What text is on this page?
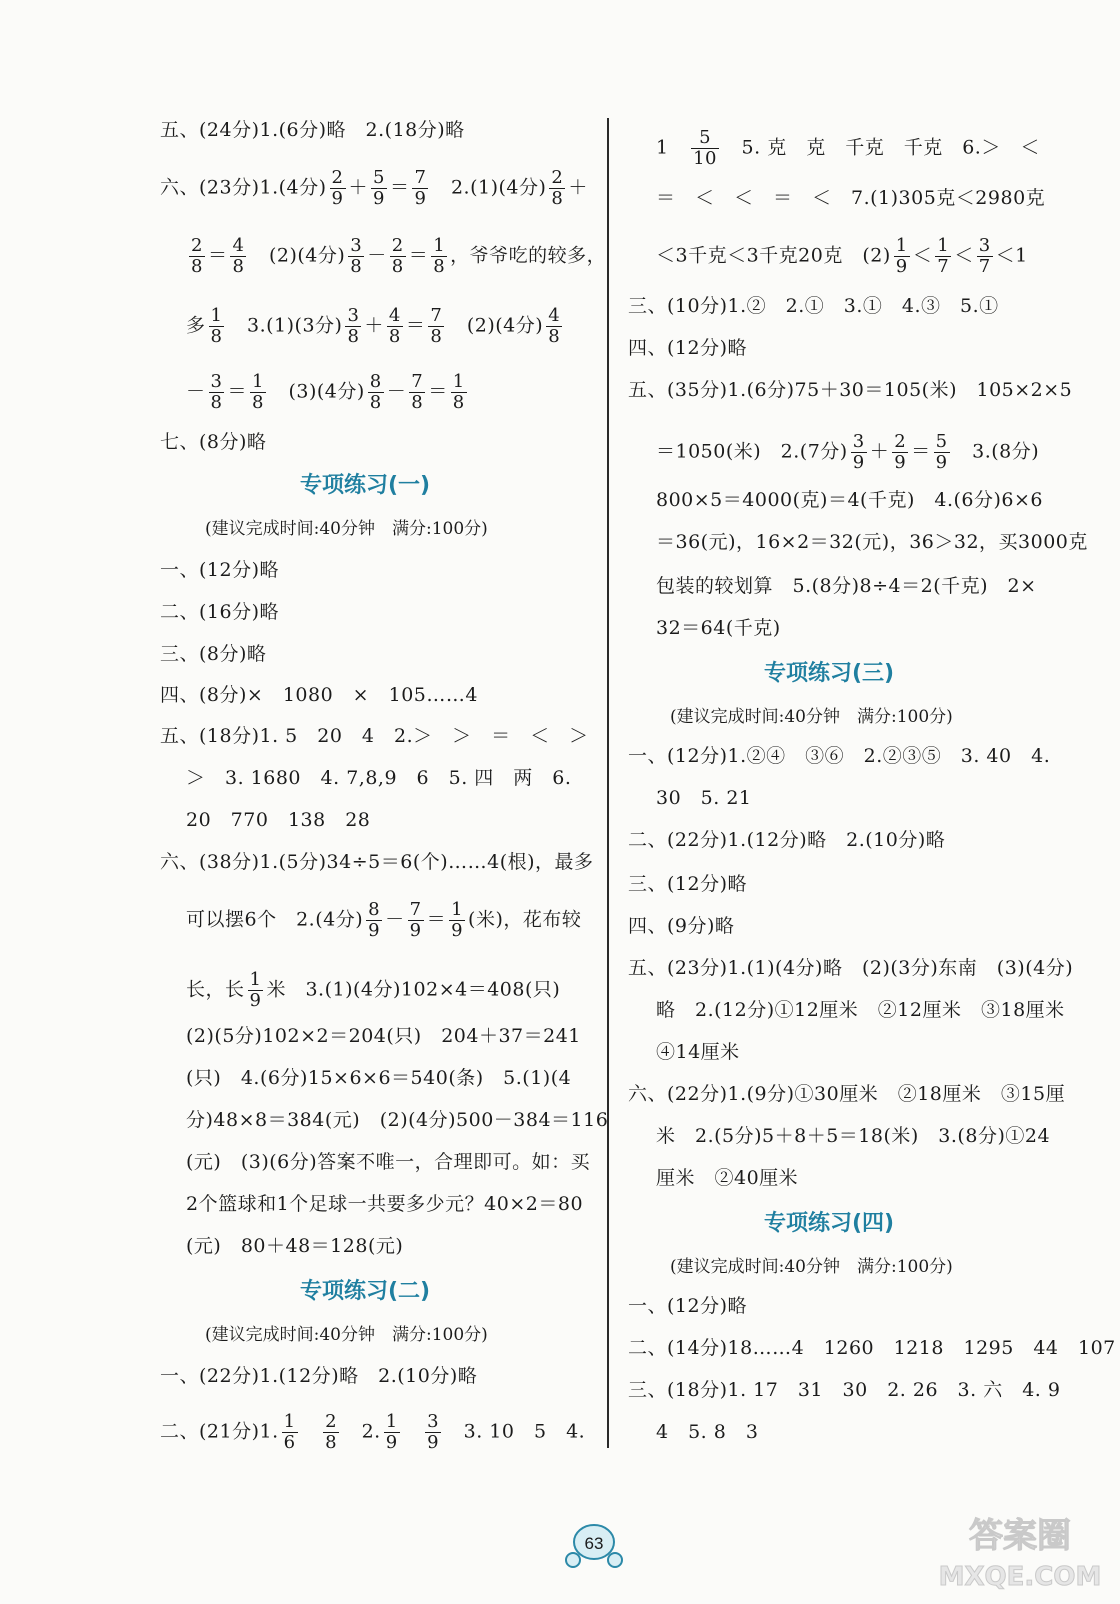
五、(24分)1.(6分)略　2.(18分)略
六、(23分)1.(4分) $\frac{2}{9} + \frac{5}{9} = \frac{7}{9}$
　 2.(1)(4分) $\frac{2}{8}$ ＋
$\frac{2}{8} = \frac{4}{8}$
　 (2)(4分) $\frac{3}{8} - \frac{2}{8} = \frac{1}{8}$ ，爷爷吃的较多，
多 $\frac{1}{8}$
　 3.(1)(3分) $\frac{3}{8} + \frac{4}{8} = \frac{7}{8}$
　 (2)(4分) $\frac{4}{8}$
－ $\frac{3}{8} = \frac{1}{8}$
　 (3)(4分) $\frac{8}{8} - \frac{7}{8} = \frac{1}{8}$
七、(8分)略
专项练习(一)
(建议完成时间:40分钟　满分:100分)
一、(12分)略
二、(16分)略
三、(8分)略
四、(8分)×　1080　×　105……4
五、(18分)1. 5　20　4　2.＞　＞　＝　＜　＞
＞　3. 1680　4. 7,8,9　6　5. 四　两　6.
20　770　138　28
六、(38分)1.(5分)34÷5＝6(个)……4(根)，最多
可以摆6个　2.(4分) $\frac{8}{9} - \frac{7}{9} = \frac{1}{9}$ (米)，花布较
长，长 $\frac{1}{9}$ 米　3.(1)(4分)102×4＝408(只)
(2)(5分)102×2＝204(只)　204＋37＝241
(只)　4.(6分)15×6×6＝540(条)　5.(1)(4
分)48×8＝384(元)　(2)(4分)500－384＝116
(元)　(3)(6分)答案不唯一，合理即可。如：买
2个篮球和1个足球一共要多少元？40×2＝80
(元)　80＋48＝128(元)
专项练习(二)
(建议完成时间:40分钟　满分:100分)
一、(22分)1.(12分)略　2.(10分)略
二、(21分)1. $\frac{1}{6}$
　 $\frac{2}{8}$ 　2. $\frac{1}{9}$
　 $\frac{3}{9}$
　 3. 10　5　4.
1　 $\frac{5}{10}$
　 5. 克　克　千克　千克　6.＞　＜
＝　＜　＜　＝　＜　7.(1)305克＜2980克
＜3千克＜3千克20克　$(2) \frac{1}{9} < \frac{1}{7} < \frac{3}{7} <1$
三、(10分)1.②　2.①　3.①　4.③　5.①
四、(12分)略
五、(35分)1.(6分)75＋30＝105(米)　105×2×5
＝1050(米)　2.(7分) $\frac{3}{9} + \frac{2}{9} = \frac{5}{9}$
　 3.(8分)
800×5＝4000(克)＝4(千克)　4.(6分)6×6
＝36(元)，16×2＝32(元)，36＞32，买3000克
包装的较划算　5.(8分)8÷4＝2(千克)　2×
32＝64(千克)
专项练习(三)
(建议完成时间:40分钟　满分:100分)
一、(12分)1.②④　③⑥　2.②③⑤　3. 40　4.
30　5. 21
二、(22分)1.(12分)略　2.(10分)略
三、(12分)略
四、(9分)略
五、(23分)1.(1)(4分)略　(2)(3分)东南　(3)(4分)
略　2.(12分)①12厘米　②12厘米　③18厘米
④14厘米
六、(22分)1.(9分)①30厘米　②18厘米　③15厘
米　2.(5分)5＋8＋5＝18(米)　3.(8分)①24
厘米　②40厘米
专项练习(四)
(建议完成时间:40分钟　满分:100分)
一、(12分)略
二、(14分)18……4　1260　1218　1295　44　107
三、(18分)1. 17　31　30　2. 26　3. 六　4. 9
4　5. 8　3
63	答案圈
MXQE.COM
